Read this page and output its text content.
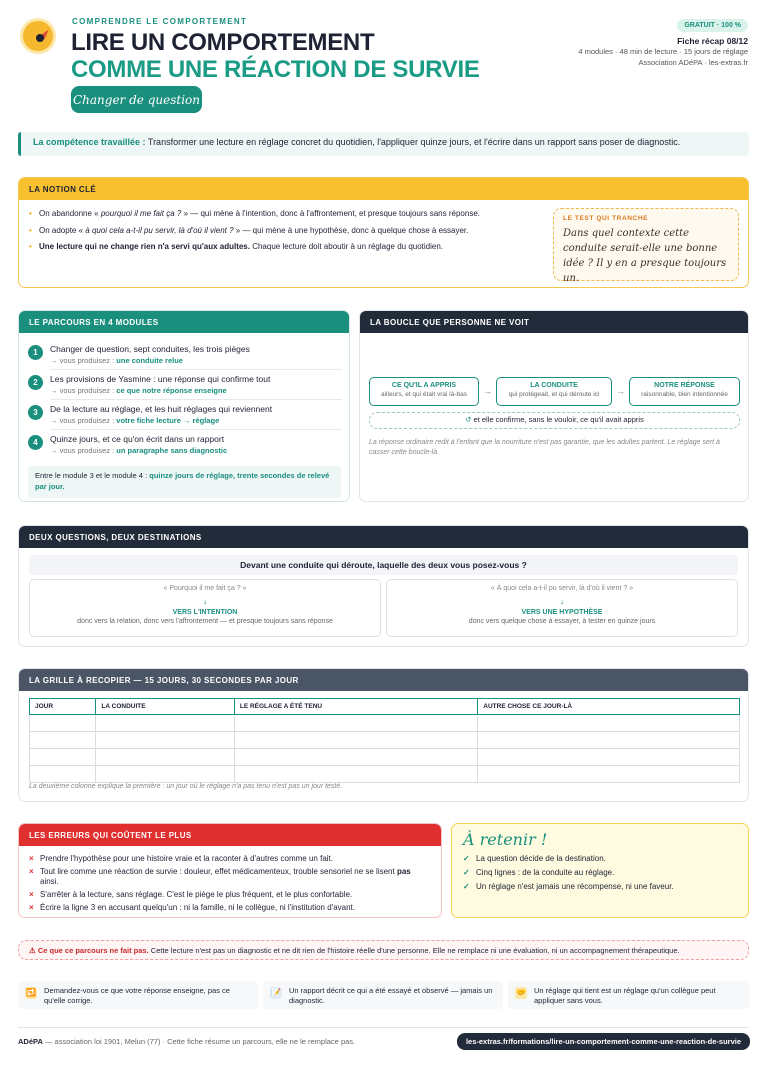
COMPRENDRE LE COMPORTEMENT
LIRE UN COMPORTEMENT
COMME UNE RÉACTION DE SURVIE
Changer de question
GRATUIT · 100 %
Fiche récap 08/12
4 modules · 48 min de lecture · 15 jours de réglage
Association ADéPA · les-extras.fr
La compétence travaillée : Transformer une lecture en réglage concret du quotidien, l'appliquer quinze jours, et l'écrire dans un rapport sans poser de diagnostic.
LA NOTION CLÉ
• On abandonne « pourquoi il me fait ça ? » — qui mène à l'intention, donc à l'affrontement, et presque toujours sans réponse.
• On adopte « à quoi cela a-t-il pu servir, là d'où il vient ? » — qui mène à une hypothèse, donc à quelque chose à essayer.
• Une lecture qui ne change rien n'a servi qu'aux adultes. Chaque lecture doit aboutir à un réglage du quotidien.
LE TEST QUI TRANCHE
Dans quel contexte cette conduite serait-elle une bonne idée ? Il y en a presque toujours un.
LE PARCOURS EN 4 MODULES
1	Changer de question, sept conduites, les trois pièges
→ vous produisez : une conduite relue
2	Les provisions de Yasmine : une réponse qui confirme tout
→ vous produisez : ce que notre réponse enseigne
3	De la lecture au réglage, et les huit réglages qui reviennent
→ vous produisez : votre fiche lecture → réglage
4	Quinze jours, et ce qu'on écrit dans un rapport
→ vous produisez : un paragraphe sans diagnostic
Entre le module 3 et le module 4 : quinze jours de réglage, trente secondes de relevé par jour.
LA BOUCLE QUE PERSONNE NE VOIT
CE QU'IL A APPRIS
ailleurs, et qui était vrai là-bas	→
LA CONDUITE
qui protégeait, et qui déroute ici	→
NOTRE RÉPONSE
raisonnable, bien intentionnée
↺ et elle confirme, sans le vouloir, ce qu'il avait appris
La réponse ordinaire redit à l'enfant que la nourriture n'est pas garantie, que les adultes partent. Le réglage sert à casser cette boucle-là.
DEUX QUESTIONS, DEUX DESTINATIONS
Devant une conduite qui déroute, laquelle des deux vous posez-vous ?
« Pourquoi il me fait ça ? »
↓
VERS L'INTENTION
donc vers la relation, donc vers l'affrontement — et presque toujours sans réponse
« À quoi cela a-t-il pu servir, là d'où il vient ? »
↓
VERS UNE HYPOTHÈSE
donc vers quelque chose à essayer, à tester en quinze jours
LA GRILLE À RECOPIER — 15 JOURS, 30 SECONDES PAR JOUR
JOUR	LA CONDUITE	LE RÉGLAGE A ÉTÉ TENU	AUTRE CHOSE CE JOUR-LÀ

La deuxième colonne explique la première : un jour où le réglage n'a pas tenu n'est pas un jour testé.
LES ERREURS QUI COÛTENT LE PLUS
× Prendre l'hypothèse pour une histoire vraie et la raconter à d'autres comme un fait.
× Tout lire comme une réaction de survie : douleur, effet médicamenteux, trouble sensoriel ne se lisent pas ainsi.
× S'arrêter à la lecture, sans réglage. C'est le piège le plus fréquent, et le plus confortable.
× Écrire la ligne 3 en accusant quelqu'un : ni la famille, ni le collègue, ni l'institution d'avant.
À retenir !
✓ La question décide de la destination.
✓ Cinq lignes : de la conduite au réglage.
✓ Un réglage n'est jamais une récompense, ni une faveur.
⚠ Ce que ce parcours ne fait pas. Cette lecture n'est pas un diagnostic et ne dit rien de l'histoire réelle d'une personne. Elle ne remplace ni une évaluation, ni un accompagnement thérapeutique.
🔁 Demandez-vous ce que votre réponse enseigne, pas ce qu'elle corrige.
📝 Un rapport décrit ce qui a été essayé et observé — jamais un diagnostic.
🤝 Un réglage qui tient est un réglage qu'un collègue peut appliquer sans vous.
ADéPA — association loi 1901, Melun (77) · Cette fiche résume un parcours, elle ne le remplace pas.	les-extras.fr/formations/lire-un-comportement-comme-une-reaction-de-survie
